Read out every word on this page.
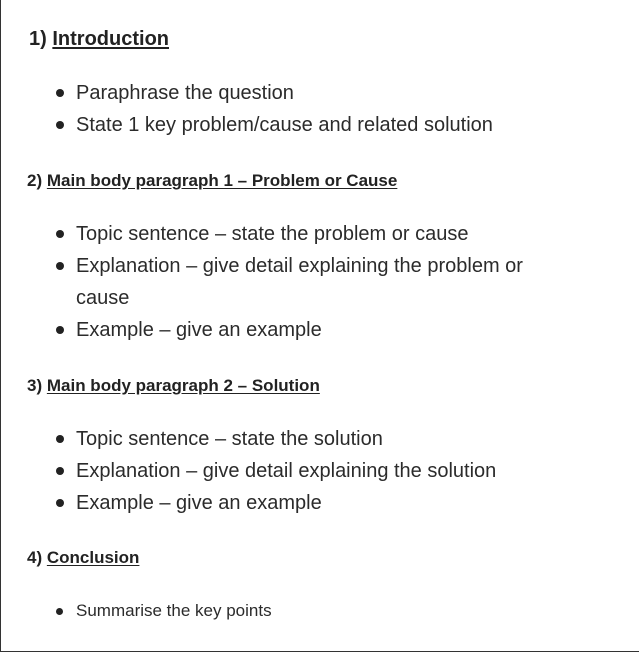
1) Introduction
Paraphrase the question
State 1 key problem/cause and related solution
2) Main body paragraph 1 – Problem or Cause
Topic sentence – state the problem or cause
Explanation – give detail explaining the problem or cause
Example – give an example
3) Main body paragraph 2 – Solution
Topic sentence – state the solution
Explanation – give detail explaining the solution
Example – give an example
4) Conclusion
Summarise the key points
